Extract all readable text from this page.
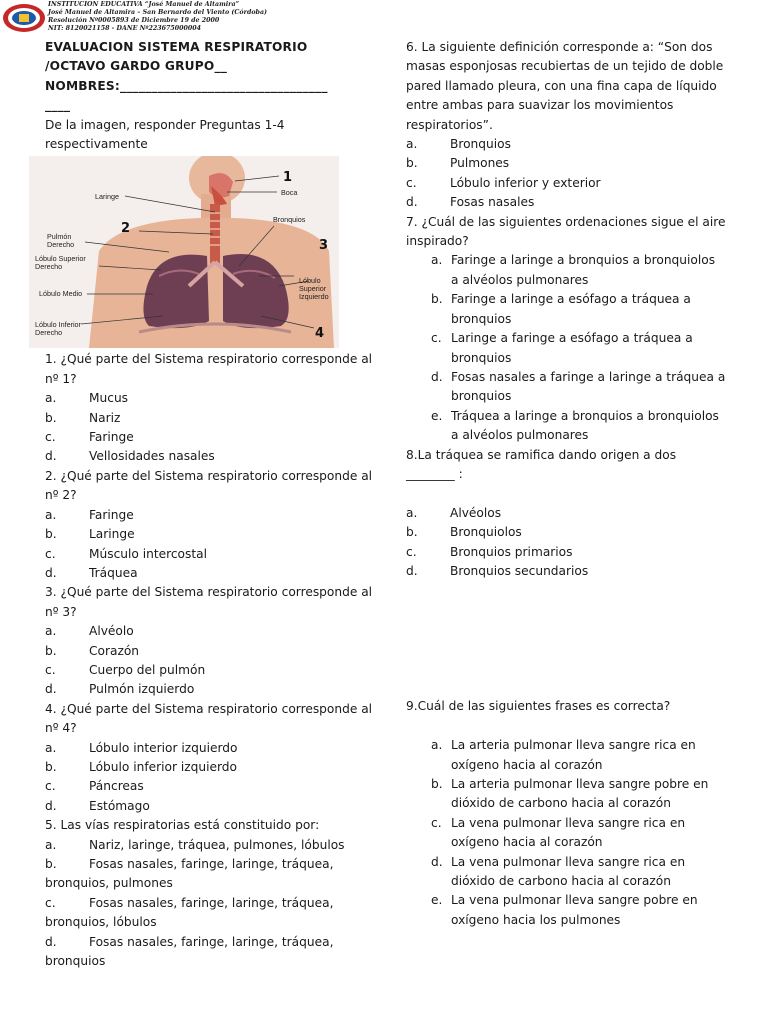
INSTITUCION EDUCATIVA “José Manuel de Altamira”
José Manuel de Altamira – San Bernardo del Viento (Córdoba)
Resolución Nº0005893 de Diciembre 19 de 2000
NIT: 8120021158 - DANE Nº223675000004
EVALUACION SISTEMA RESPIRATORIO
/OCTAVO GARDO GRUPO__
NOMBRES:_________________________________
____
De la imagen, responder Preguntas 1-4 respectivamente
1
Boca
Laringe
2
Bronquios
Pulmón Derecho	3
Lóbulo Superior Derecho
Lóbulo Superior Izquierdo
Lóbulo Medio
Lóbulo Inferior Derecho	4
1. ¿Qué parte del Sistema respiratorio corresponde al nº 1?
a.	Mucus
b.	Nariz
c.	Faringe
d.	Vellosidades nasales
2. ¿Qué parte del Sistema respiratorio corresponde al nº 2?
a.	Faringe
b.	Laringe
c.	Músculo intercostal
d.	Tráquea
3. ¿Qué parte del Sistema respiratorio corresponde al nº 3?
a.	Alvéolo
b.	Corazón
c.	Cuerpo del pulmón
d.	Pulmón izquierdo
4. ¿Qué parte del Sistema respiratorio corresponde al nº 4?
a.	Lóbulo interior izquierdo
b.	Lóbulo inferior izquierdo
c.	Páncreas
d.	Estómago
5. Las vías respiratorias está constituido por:
a.	Nariz, laringe, tráquea, pulmones, lóbulos
b.	Fosas nasales, faringe, laringe, tráquea, bronquios, pulmones
c.	Fosas nasales, faringe, laringe, tráquea, bronquios, lóbulos
d.	Fosas nasales, faringe, laringe, tráquea, bronquios
6. La siguiente definición corresponde a: “Son dos masas esponjosas recubiertas de un tejido de doble pared llamado pleura, con una fina capa de líquido entre ambas para suavizar los movimientos respiratorios”.
a.	Bronquios
b.	Pulmones
c.	Lóbulo inferior y exterior
d.	Fosas nasales
7. ¿Cuál de las siguientes ordenaciones sigue el aire inspirado?
a. Faringe a laringe a bronquios a bronquiolos a alvéolos pulmonares
b. Faringe a laringe a esófago a tráquea a bronquios
c. Laringe a faringe a esófago a tráquea a bronquios
d. Fosas nasales a faringe a laringe a tráquea a bronquios
e. Tráquea a laringe a bronquios a bronquiolos a alvéolos pulmonares
8.La tráquea se ramifica dando origen a dos ________ :
a.	Alvéolos
b.	Bronquiolos
c.	Bronquios primarios
d.	Bronquios secundarios
9.Cuál de las siguientes frases es correcta?
a. La arteria pulmonar lleva sangre rica en oxígeno hacia al corazón
b. La arteria pulmonar lleva sangre pobre en dióxido de carbono hacia al corazón
c. La vena pulmonar lleva sangre rica en oxígeno hacia al corazón
d. La vena pulmonar lleva sangre rica en dióxido de carbono hacia al corazón
e. La vena pulmonar lleva sangre pobre en oxígeno hacia los pulmones
